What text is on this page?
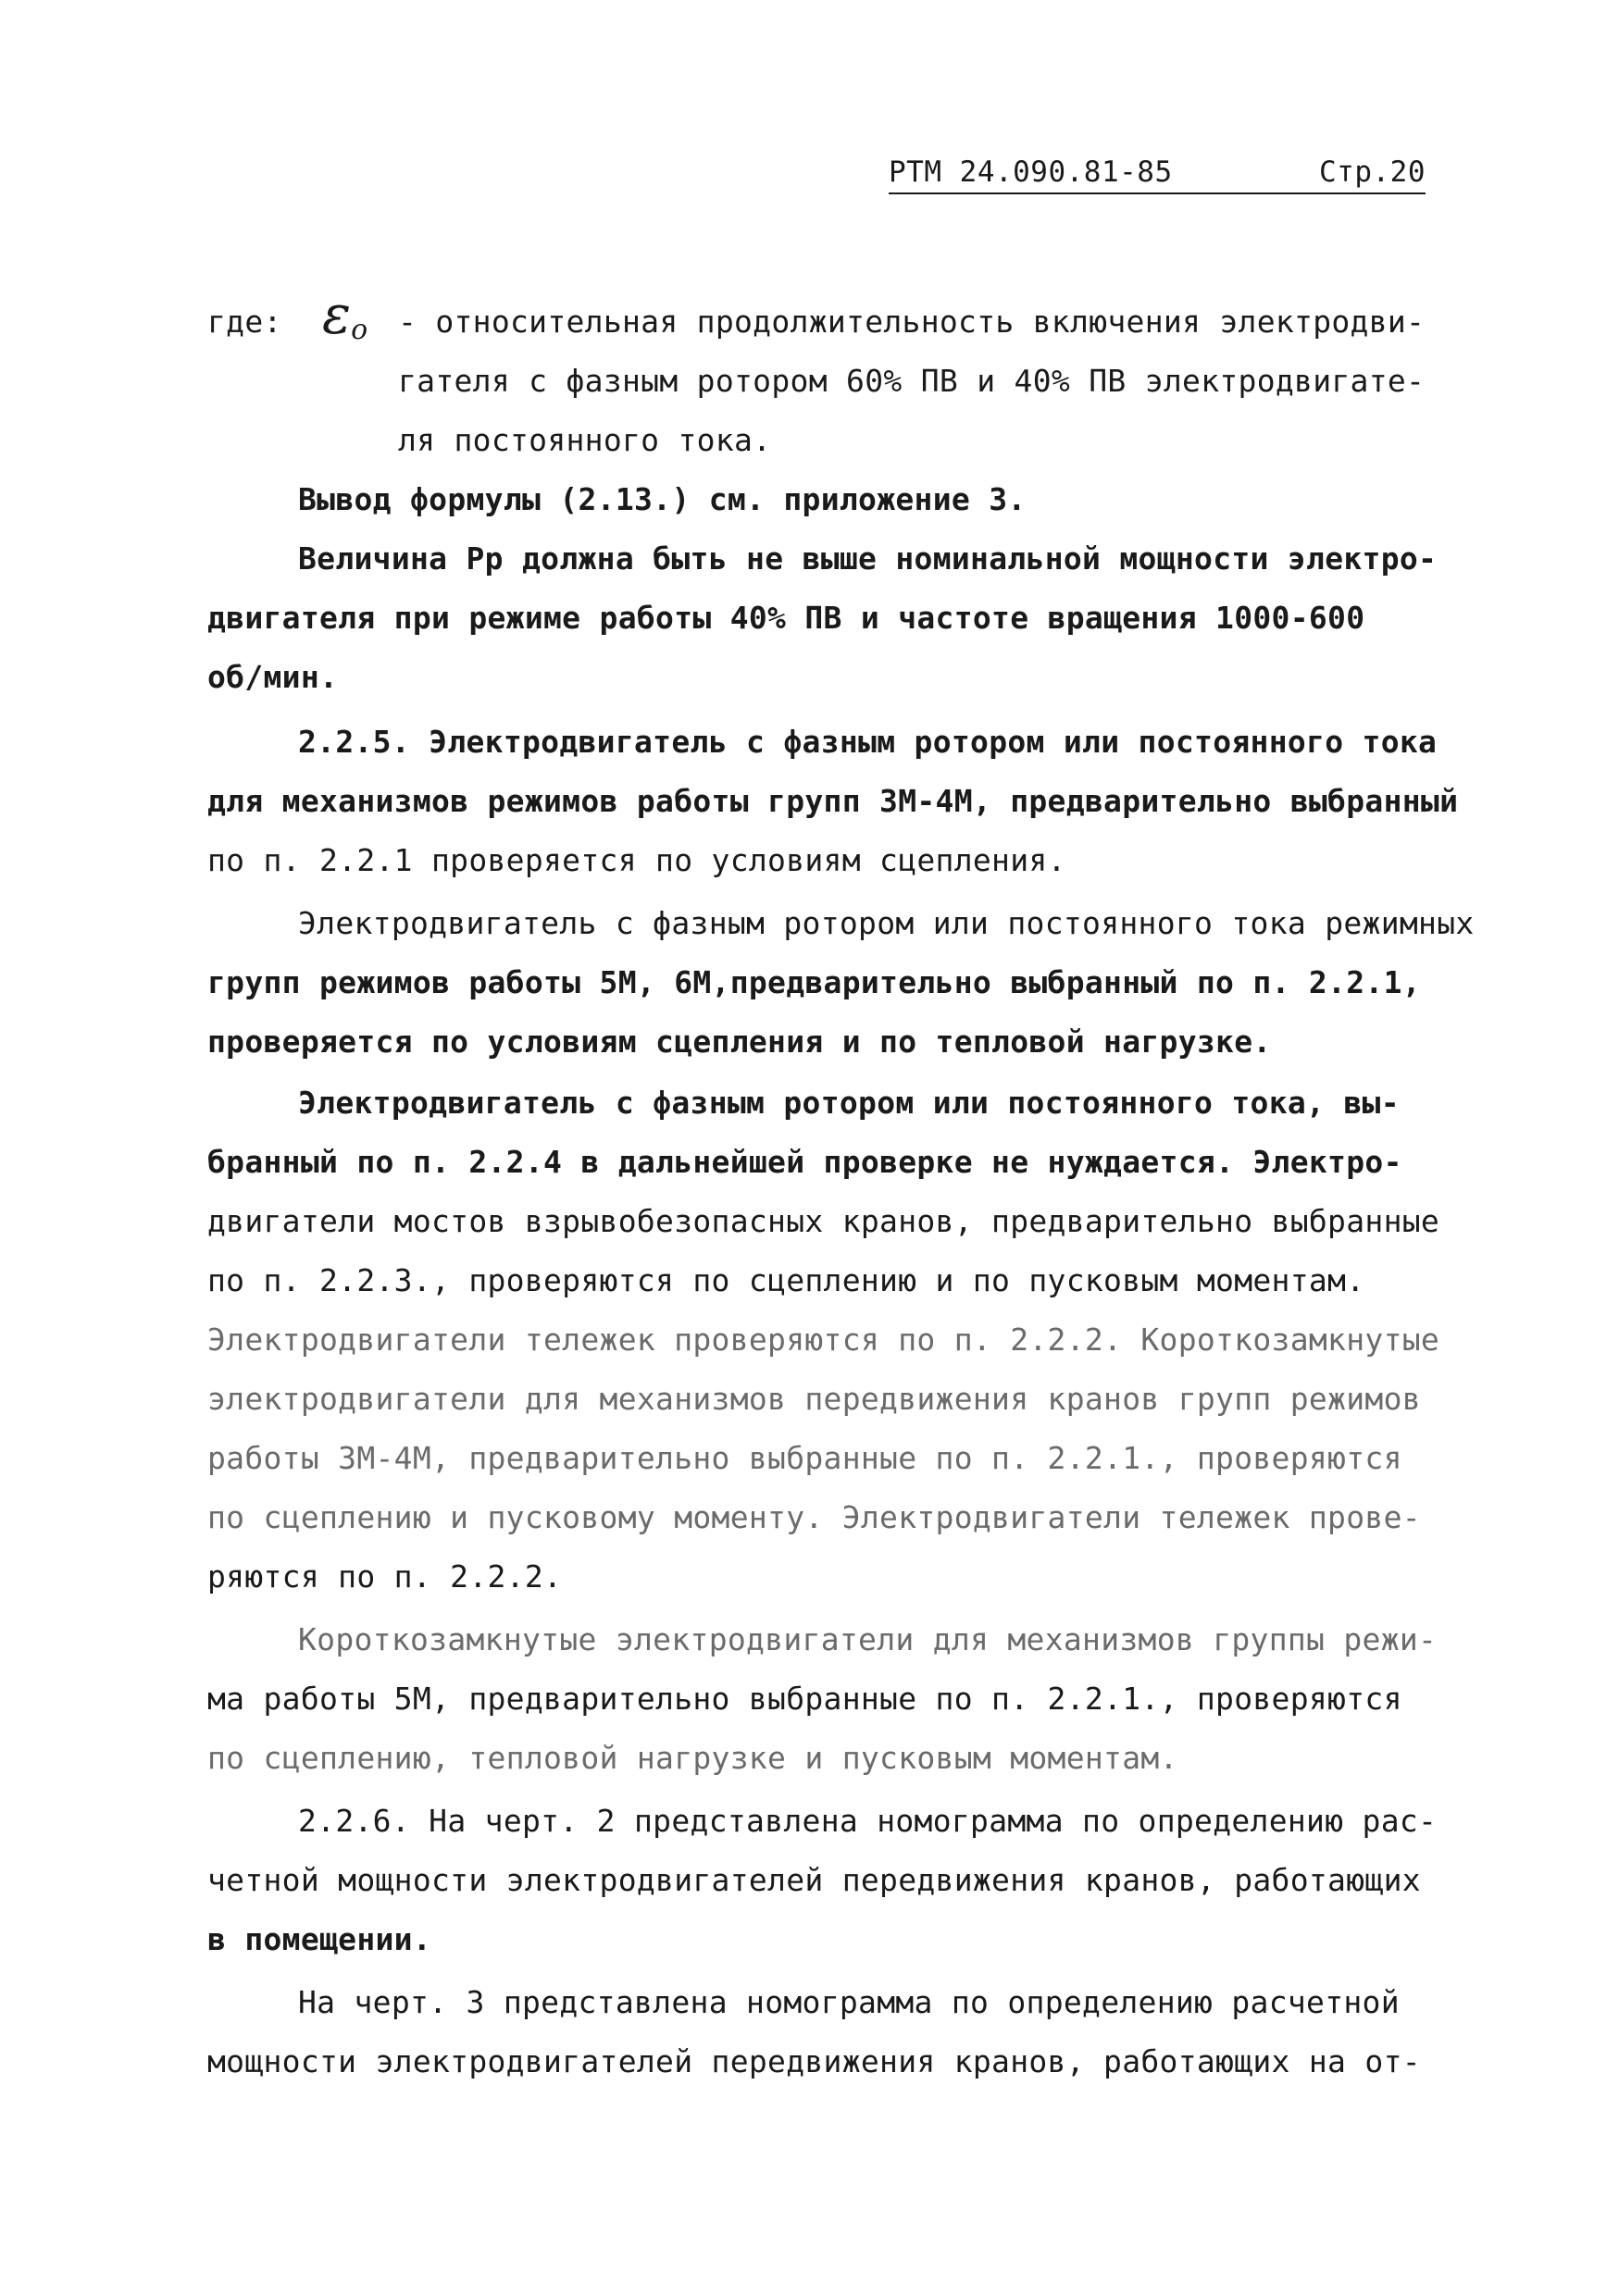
РТМ 24.090.81-85	Стр.20
где: $\varepsilon_о$ - относительная продолжительность включения электродви-
гателя с фазным ротором 60% ПВ и 40% ПВ электродвигате-
ля постоянного тока.
Вывод формулы (2.13.) см. приложение 3.
Величина Рр должна быть не выше номинальной мощности электро-
двигателя при режиме работы 40% ПВ и частоте вращения 1000-600
об/мин.
2.2.5. Электродвигатель с фазным ротором или постоянного тока
для механизмов режимов работы групп 3М-4М, предварительно выбранный
по п. 2.2.1 проверяется по условиям сцепления.
Электродвигатель с фазным ротором или постоянного тока режимных
групп режимов работы 5М, 6М,предварительно выбранный по п. 2.2.1,
проверяется по условиям сцепления и по тепловой нагрузке.
Электродвигатель с фазным ротором или постоянного тока, вы-
бранный по п. 2.2.4 в дальнейшей проверке не нуждается. Электро-
двигатели мостов взрывобезопасных кранов, предварительно выбранные
по п. 2.2.3., проверяются по сцеплению и по пусковым моментам.
Электродвигатели тележек проверяются по п. 2.2.2. Короткозамкнутые
электродвигатели для механизмов передвижения кранов групп режимов
работы 3М-4М, предварительно выбранные по п. 2.2.1., проверяются
по сцеплению и пусковому моменту. Электродвигатели тележек прове-
ряются по п. 2.2.2.
Короткозамкнутые электродвигатели для механизмов группы режи-
ма работы 5М, предварительно выбранные по п. 2.2.1., проверяются
по сцеплению, тепловой нагрузке и пусковым моментам.
2.2.6. На черт. 2 представлена номограмма по определению рас-
четной мощности электродвигателей передвижения кранов, работающих
в помещении.
На черт. 3 представлена номограмма по определению расчетной
мощности электродвигателей передвижения кранов, работающих на от-
